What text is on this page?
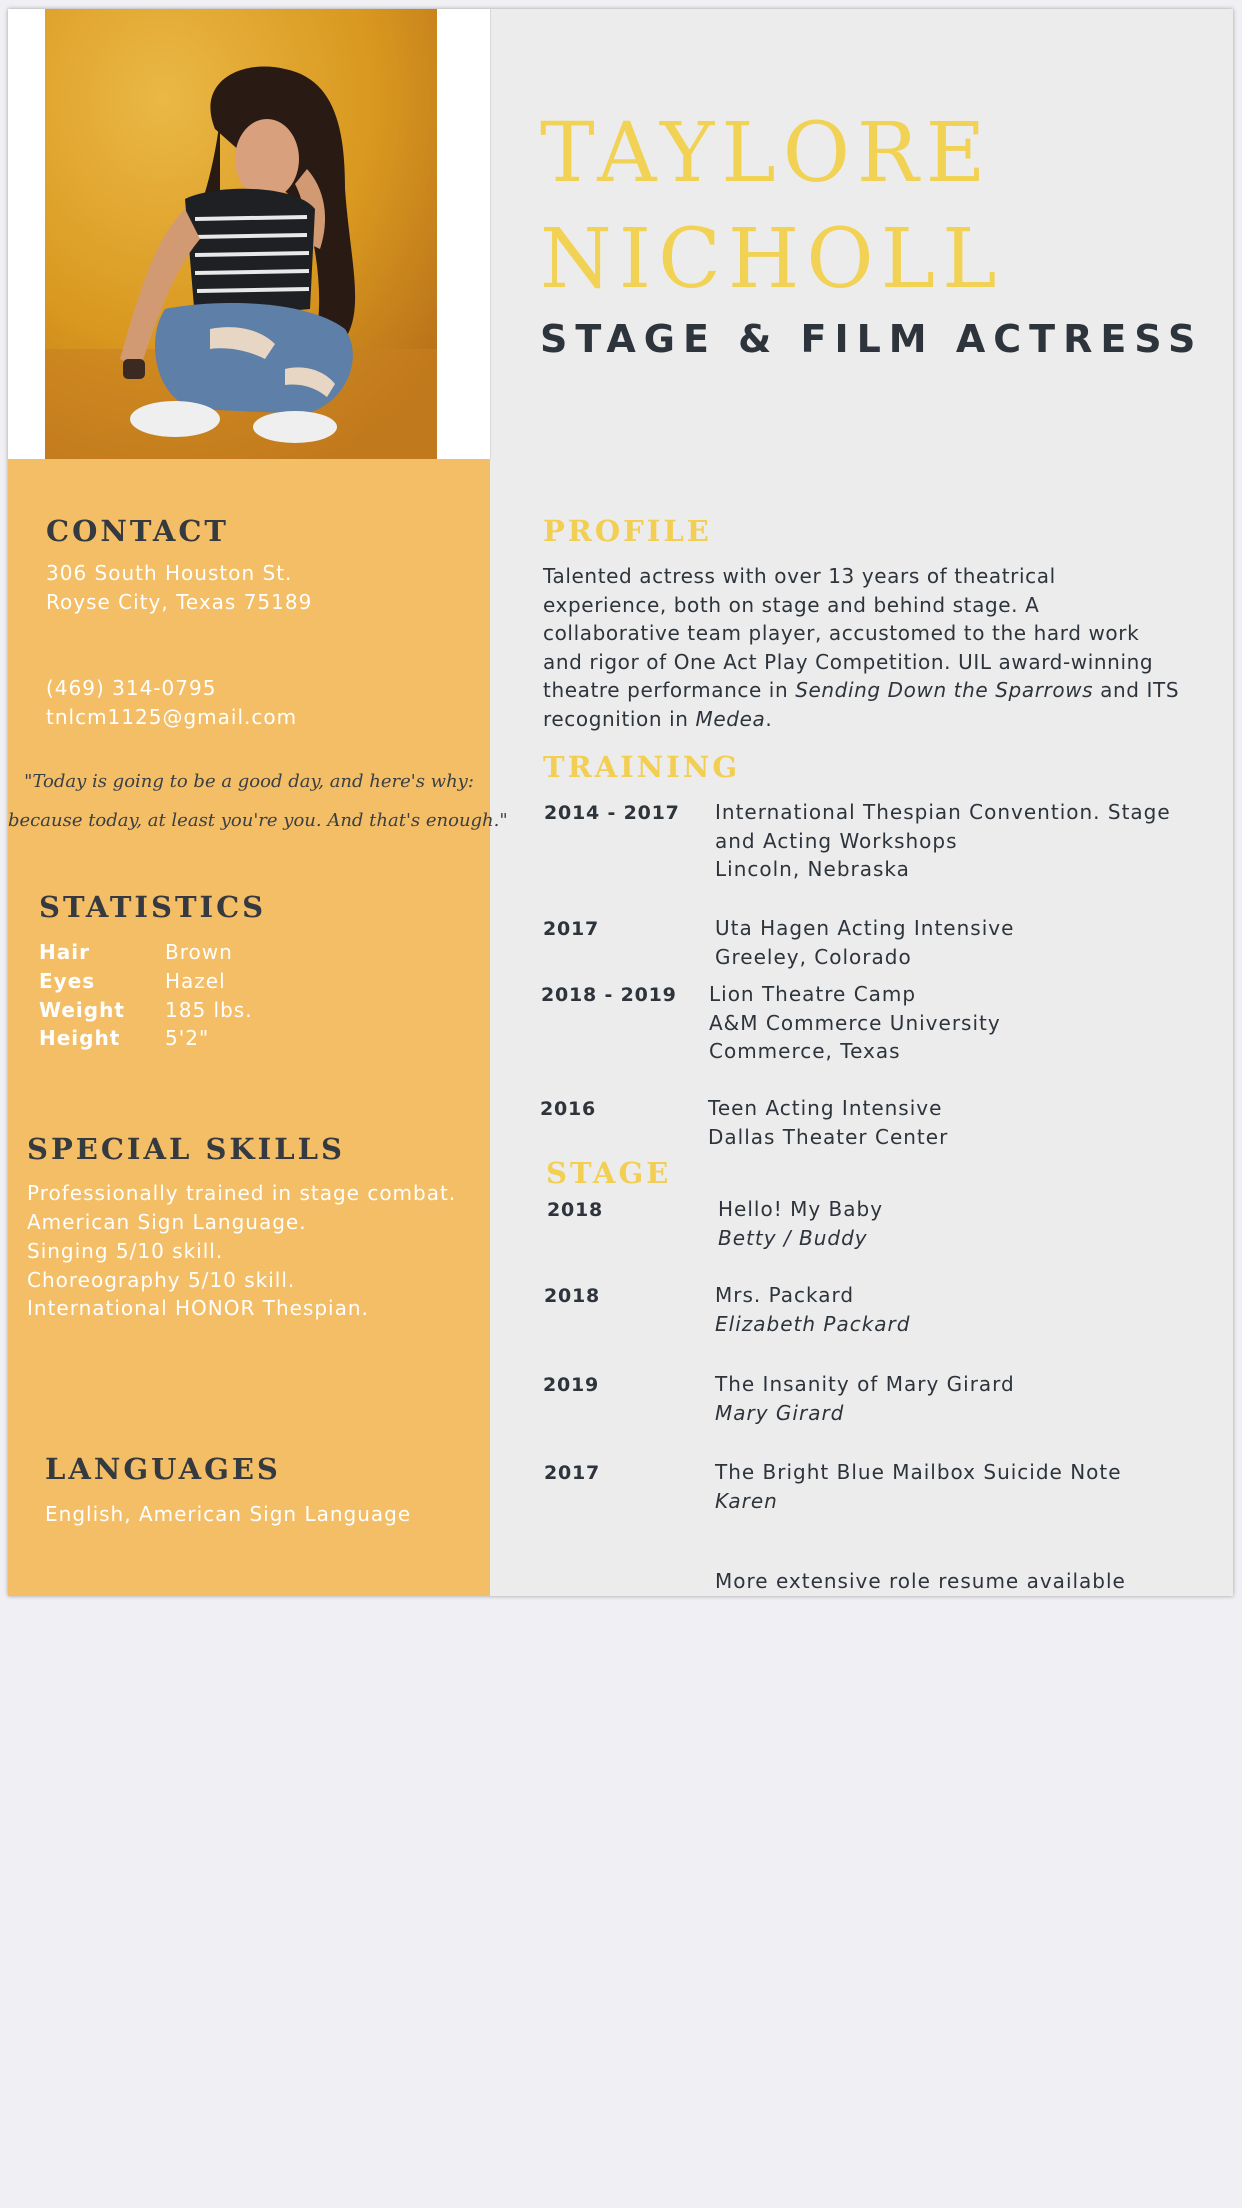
TAYLORE
NICHOLL
STAGE & FILM ACTRESS
CONTACT
306 South Houston St.
Royse City, Texas 75189
(469) 314-0795
tnlcm1125@gmail.com
"Today is going to be a good day, and here's why:
because today, at least you're you. And that's enough."
STATISTICS
Hair	Brown
Eyes	Hazel
Weight 185 lbs.
Height 5'2"
SPECIAL SKILLS
Professionally trained in stage combat.
American Sign Language.
Singing 5/10 skill.
Choreography 5/10 skill.
International HONOR Thespian.
LANGUAGES
English, American Sign Language
PROFILE
Talented actress with over 13 years of theatrical experience, both on stage and behind stage. A collaborative team player, accustomed to the hard work and rigor of One Act Play Competition. UIL award-winning theatre performance in Sending Down the Sparrows and ITS recognition in Medea.
TRAINING
2014 - 2017 International Thespian Convention. Stage
and Acting Workshops
Lincoln, Nebraska
2017	Uta Hagen Acting Intensive
Greeley, Colorado
2018 - 2019 Lion Theatre Camp
A&M Commerce University
Commerce, Texas
2016	Teen Acting Intensive
Dallas Theater Center
STAGE
2018	Hello! My Baby
Betty / Buddy
2018	Mrs. Packard
Elizabeth Packard
2019	The Insanity of Mary Girard
Mary Girard
2017	The Bright Blue Mailbox Suicide Note
Karen
More extensive role resume available
